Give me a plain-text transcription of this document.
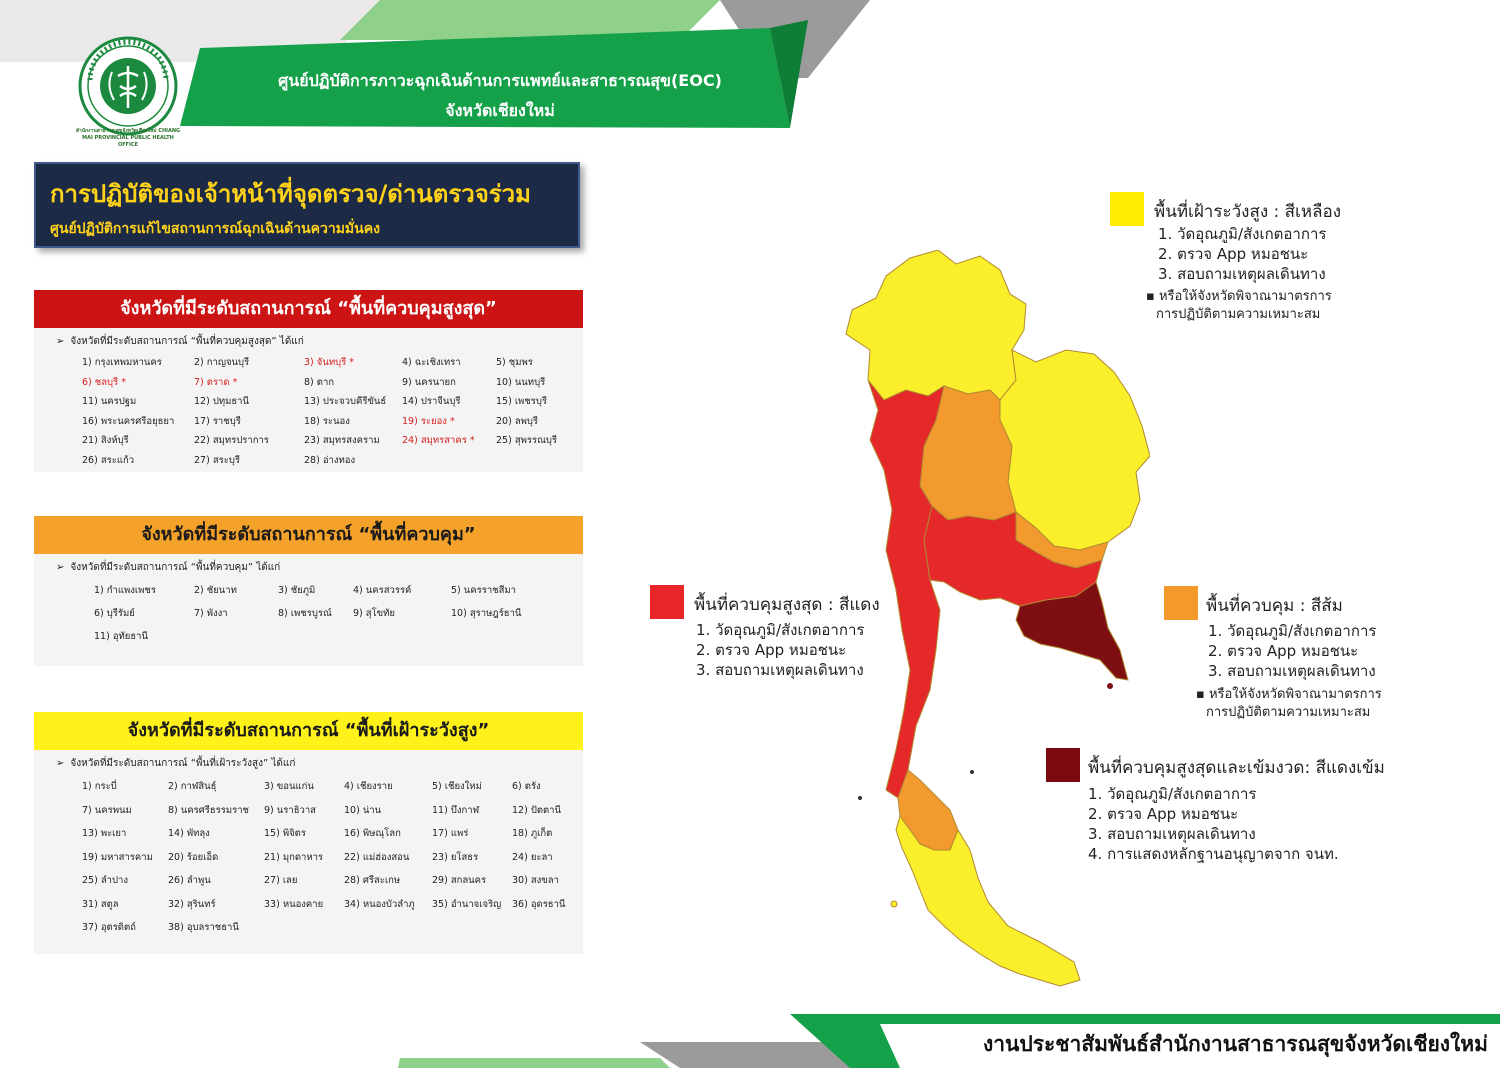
สำนักงานสาธารณสุขจังหวัดเชียงใหม่ CHIANG MAI PROVINCIAL PUBLIC HEALTH OFFICE
ศูนย์ปฏิบัติการภาวะฉุกเฉินด้านการแพทย์และสาธารณสุข(EOC)
จังหวัดเชียงใหม่
การปฏิบัติของเจ้าหน้าที่จุดตรวจ/ด่านตรวจร่วม
ศูนย์ปฏิบัติการแก้ไขสถานการณ์ฉุกเฉินด้านความมั่นคง
จังหวัดที่มีระดับสถานการณ์ “พื้นที่ควบคุมสูงสุด”
➢ จังหวัดที่มีระดับสถานการณ์ “พื้นที่ควบคุมสูงสุด” ได้แก่
1) กรุงเทพมหานคร	2) กาญจนบุรี	3) จันทบุรี *	4) ฉะเชิงเทรา	5) ชุมพร
6) ชลบุรี *	7) ตราด *	8) ตาก	9) นครนายก	10) นนทบุรี
11) นครปฐม	12) ปทุมธานี	13) ประจวบคีรีขันธ์	14) ปราจีนบุรี	15) เพชรบุรี
16) พระนครศรีอยุธยา	17) ราชบุรี	18) ระนอง	19) ระยอง *	20) ลพบุรี
21) สิงห์บุรี	22) สมุทรปราการ	23) สมุทรสงคราม	24) สมุทรสาคร *	25) สุพรรณบุรี
26) สระแก้ว	27) สระบุรี	28) อ่างทอง
จังหวัดที่มีระดับสถานการณ์ “พื้นที่ควบคุม”
➢ จังหวัดที่มีระดับสถานการณ์ “พื้นที่ควบคุม” ได้แก่
1) กำแพงเพชร	2) ชัยนาท	3) ชัยภูมิ	4) นครสวรรค์	5) นครราชสีมา
6) บุรีรัมย์	7) พังงา	8) เพชรบูรณ์	9) สุโขทัย	10) สุราษฎร์ธานี
11) อุทัยธานี
จังหวัดที่มีระดับสถานการณ์ “พื้นที่เฝ้าระวังสูง”
➢ จังหวัดที่มีระดับสถานการณ์ “พื้นที่เฝ้าระวังสูง” ได้แก่
1) กระบี่	2) กาฬสินธุ์	3) ขอนแก่น	4) เชียงราย	5) เชียงใหม่	6) ตรัง
7) นครพนม	8) นครศรีธรรมราช	9) นราธิวาส	10) น่าน	11) บึงกาฬ	12) ปัตตานี
13) พะเยา	14) พัทลุง	15) พิจิตร	16) พิษณุโลก	17) แพร่	18) ภูเก็ต
19) มหาสารคาม	20) ร้อยเอ็ด	21) มุกดาหาร	22) แม่ฮ่องสอน	23) ยโสธร	24) ยะลา
25) ลำปาง	26) ลำพูน	27) เลย	28) ศรีสะเกษ	29) สกลนคร	30) สงขลา
31) สตูล	32) สุรินทร์	33) หนองคาย	34) หนองบัวลำภู	35) อำนาจเจริญ	36) อุดรธานี
37) อุตรดิตถ์	38) อุบลราชธานี
พื้นที่เฝ้าระวังสูง : สีเหลือง
1. วัดอุณภูมิ/สังเกตอาการ
2. ตรวจ App หมอชนะ
3. สอบถามเหตุผลเดินทาง
▪ หรือให้จังหวัดพิจาณามาตรการ
การปฏิบัติตามความเหมาะสม
พื้นที่ควบคุมสูงสุด : สีแดง
1. วัดอุณภูมิ/สังเกตอาการ
2. ตรวจ App หมอชนะ
3. สอบถามเหตุผลเดินทาง
พื้นที่ควบคุม : สีส้ม
1. วัดอุณภูมิ/สังเกตอาการ
2. ตรวจ App หมอชนะ
3. สอบถามเหตุผลเดินทาง
▪ หรือให้จังหวัดพิจาณามาตรการ
การปฏิบัติตามความเหมาะสม
พื้นที่ควบคุมสูงสุดและเข้มงวด: สีแดงเข้ม
1. วัดอุณภูมิ/สังเกตอาการ
2. ตรวจ App หมอชนะ
3. สอบถามเหตุผลเดินทาง
4. การแสดงหลักฐานอนุญาตจาก จนท.
งานประชาสัมพันธ์สำนักงานสาธารณสุขจังหวัดเชียงใหม่
